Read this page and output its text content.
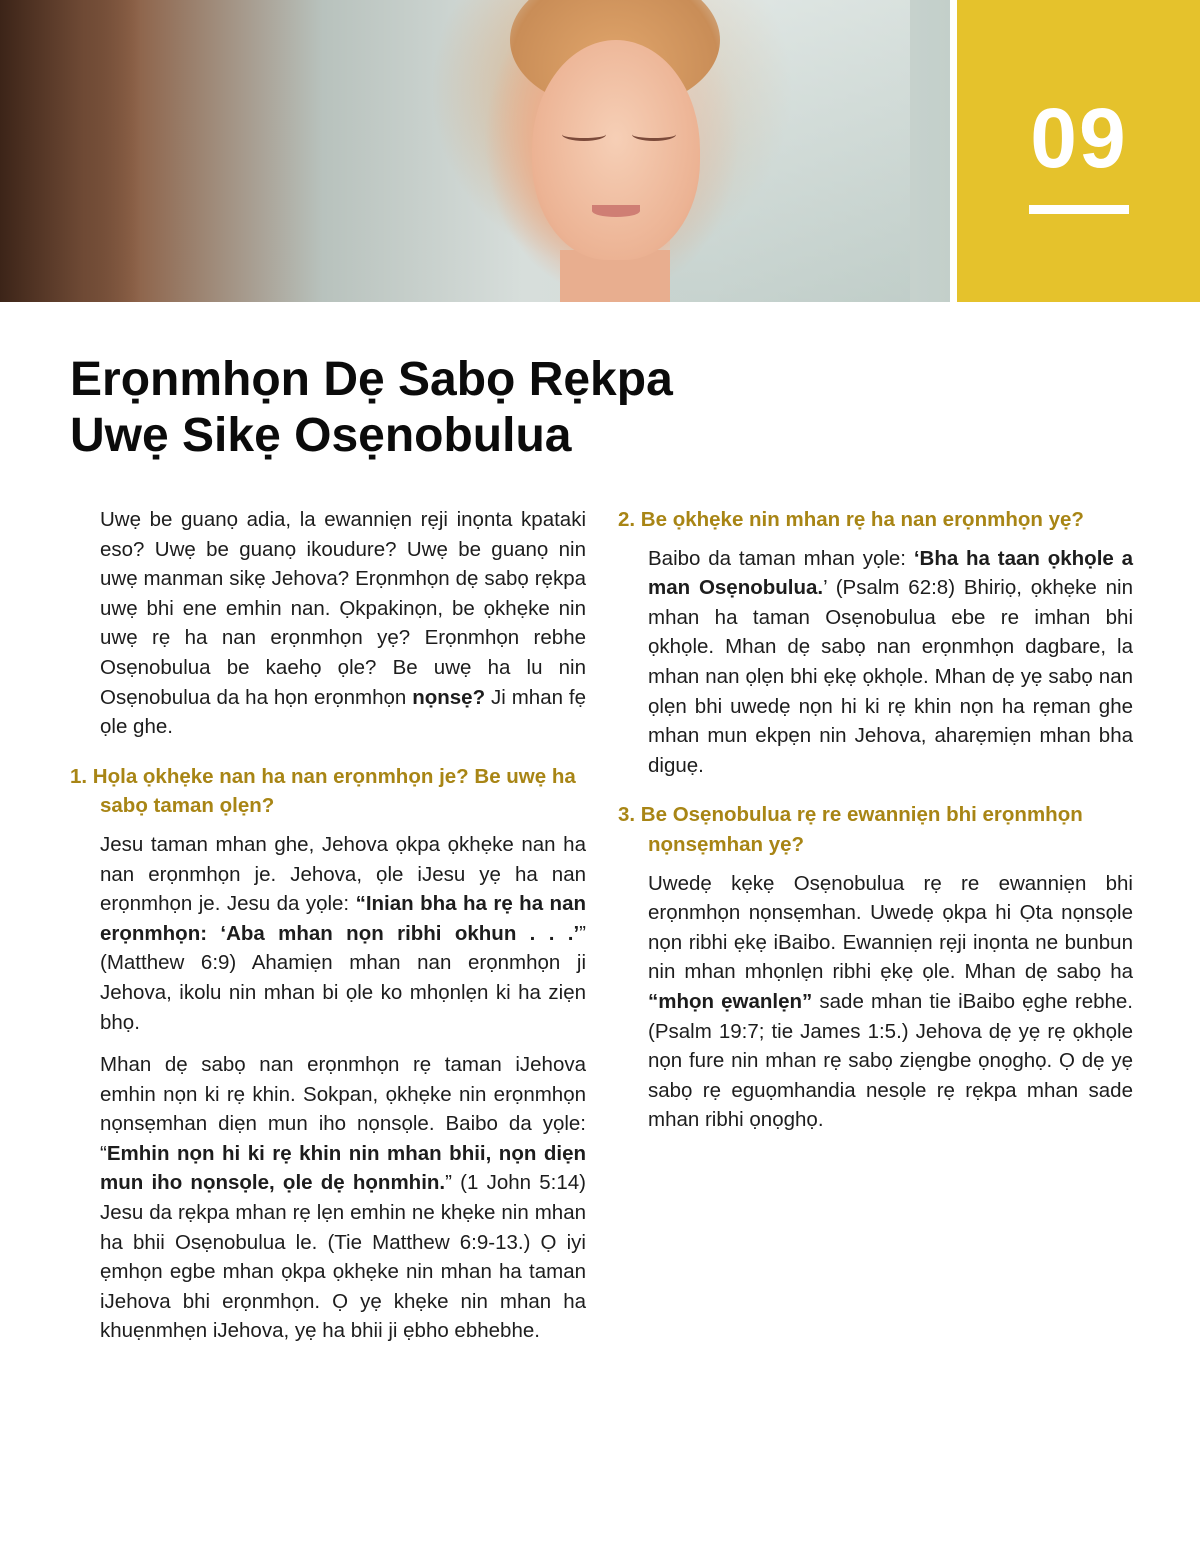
09
Erọnmhọn Dẹ Sabọ Rẹkpa
Uwẹ Sikẹ Osẹnobulua

Uwẹ be guanọ adia, la ewanniẹn rẹji inọnta kpataki eso? Uwẹ be guanọ ikoudure? Uwẹ be guanọ nin uwẹ manman sikẹ Jehova? Erọnmhọn dẹ sabọ rẹkpa uwẹ bhi ene emhin nan. Ọkpakinọn, be ọkhẹke nin uwẹ rẹ ha nan erọnmhọn yẹ? Erọnmhọn rebhe Osẹnobulua be kaehọ ọle? Be uwẹ ha lu nin Osẹnobulua da ha họn erọnmhọn nọnsẹ? Ji mhan fẹ ọle ghe.

1. Họla ọkhẹke nan ha nan erọnmhọn je? Be uwẹ ha sabọ taman ọlẹn?

Jesu taman mhan ghe, Jehova ọkpa ọkhẹke nan ha nan erọnmhọn je. Jehova, ọle iJesu yẹ ha nan erọnmhọn je. Jesu da yọle: “Inian bha ha rẹ ha nan erọnmhọn: ‘Aba mhan nọn ribhi okhun . . .’” (Matthew 6:9) Ahamiẹn mhan nan erọnmhọn ji Jehova, ikolu nin mhan bi ọle ko mhọnlẹn ki ha ziẹn bhọ.

Mhan dẹ sabọ nan erọnmhọn rẹ taman iJehova emhin nọn ki rẹ khin. Sokpan, ọkhẹke nin erọnmhọn nọnsẹmhan diẹn mun iho nọnsọle. Baibo da yọle: “Emhin nọn hi ki rẹ khin nin mhan bhii, nọn diẹn mun iho nọnsọle, ọle dẹ họnmhin.” (1 John 5:14) Jesu da rẹkpa mhan rẹ lẹn emhin ne khẹke nin mhan ha bhii Osẹnobulua le. (Tie Matthew 6:9-13.) Ọ iyi ẹmhọn egbe mhan ọkpa ọkhẹke nin mhan ha taman iJehova bhi erọnmhọn. Ọ yẹ khẹke nin mhan ha khuẹnmhẹn iJehova, yẹ ha bhii ji ẹbho ebhebhe.

2. Be ọkhẹke nin mhan rẹ ha nan erọnmhọn yẹ?

Baibo da taman mhan yọle: ‘Bha ha taan ọkhọle a man Osẹnobulua.’ (Psalm 62:8) Bhiriọ, ọkhẹke nin mhan ha taman Osẹnobulua ebe re imhan bhi ọkhọle. Mhan dẹ sabọ nan erọnmhọn dagbare, la mhan nan ọlẹn bhi ẹkẹ ọkhọle. Mhan dẹ yẹ sabọ nan ọlẹn bhi uwedẹ nọn hi ki rẹ khin nọn ha rẹman ghe mhan mun ekpẹn nin Jehova, aharẹmiẹn mhan bha diguẹ.

3. Be Osẹnobulua rẹ re ewanniẹn bhi erọnmhọn nọnsẹmhan yẹ?

Uwedẹ kẹkẹ Osẹnobulua rẹ re ewanniẹn bhi erọnmhọn nọnsẹmhan. Uwedẹ ọkpa hi Ọta nọnsọle nọn ribhi ẹkẹ iBaibo. Ewanniẹn rẹji inọnta ne bunbun nin mhan mhọnlẹn ribhi ẹkẹ ọle. Mhan dẹ sabọ ha “mhọn ẹwanlẹn” sade mhan tie iBaibo ẹghe rebhe. (Psalm 19:7; tie James 1:5.) Jehova dẹ yẹ rẹ ọkhọle nọn fure nin mhan rẹ sabọ ziẹngbe ọnọghọ. Ọ dẹ yẹ sabọ rẹ eguọmhandia nesọle rẹ rẹkpa mhan sade mhan ribhi ọnọghọ.
